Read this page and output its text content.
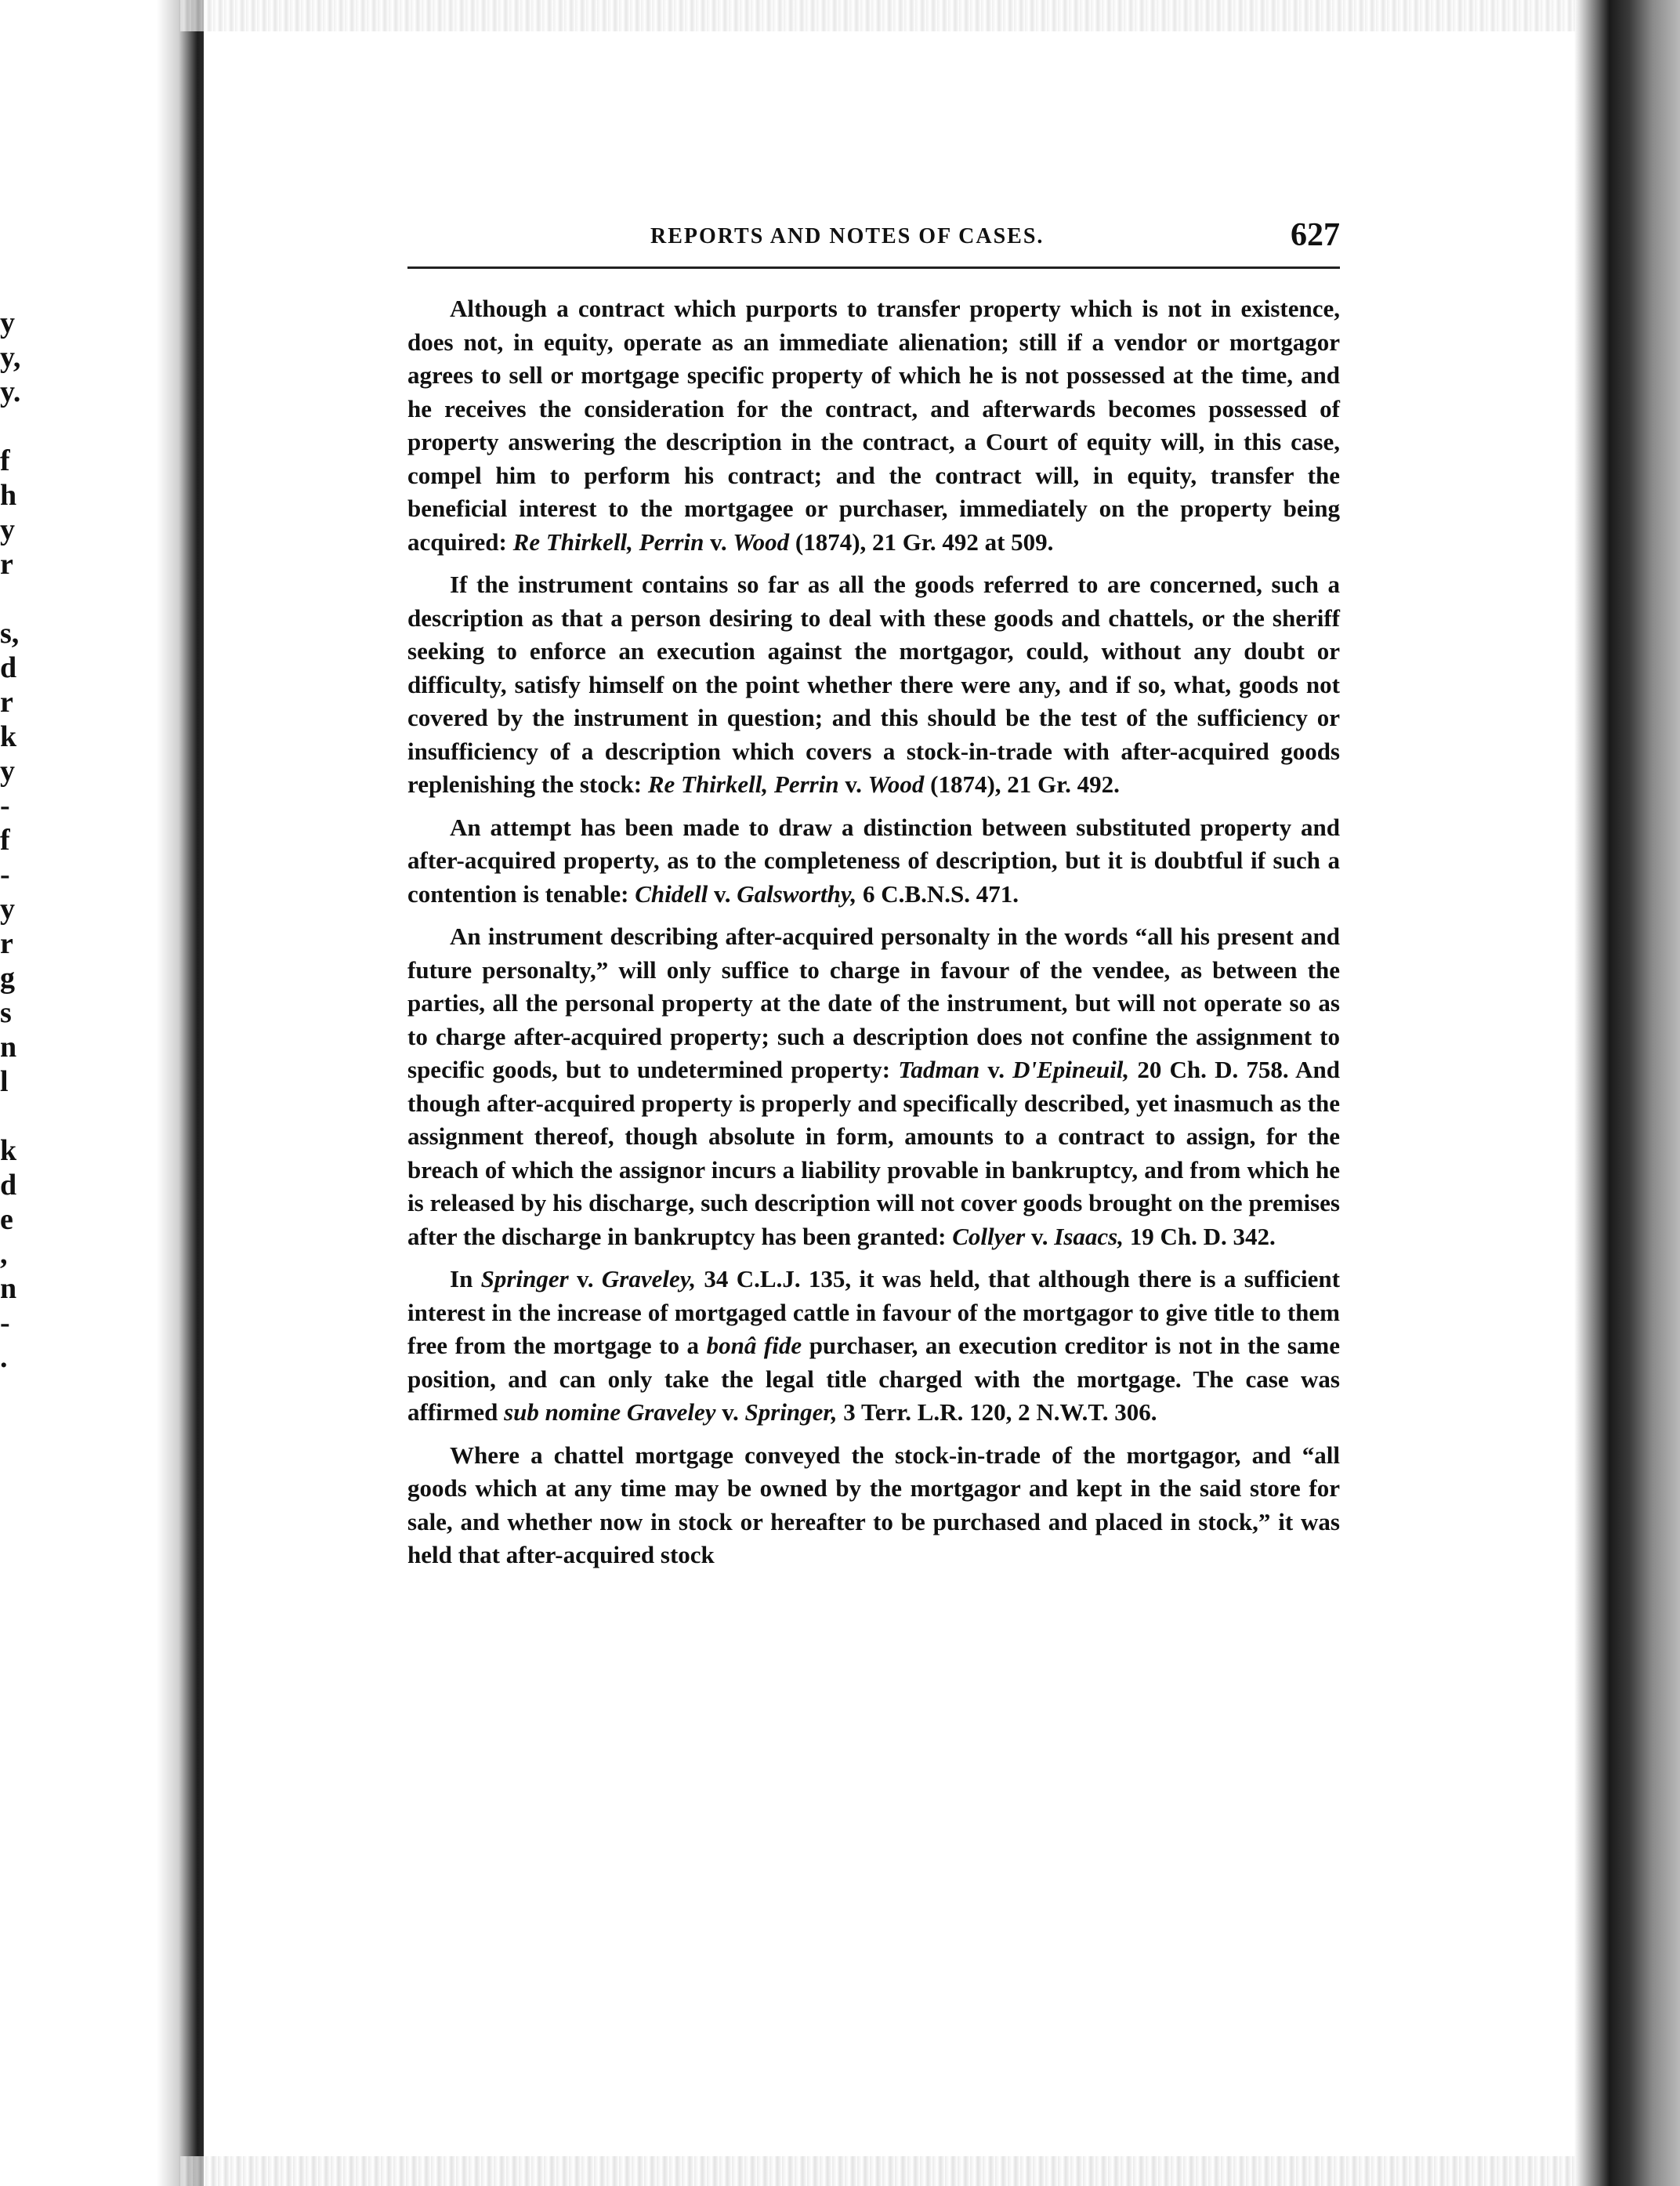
y
y,
y.
f
h
y
r
s,
d
r
k
y
-
f
-
y
r
g
s
n
l
k
d
e
,
n
-
.
REPORTS AND NOTES OF CASES.	627

Although a contract which purports to transfer property which is not in existence, does not, in equity, operate as an immediate alienation; still if a vendor or mortgagor agrees to sell or mortgage specific property of which he is not possessed at the time, and he receives the consideration for the contract, and afterwards becomes possessed of property answering the description in the contract, a Court of equity will, in this case, compel him to perform his contract; and the contract will, in equity, transfer the beneficial interest to the mortgagee or purchaser, immediately on the property being acquired: Re Thirkell, Perrin v. Wood (1874), 21 Gr. 492 at 509.

If the instrument contains so far as all the goods referred to are concerned, such a description as that a person desiring to deal with these goods and chattels, or the sheriff seeking to enforce an execution against the mortgagor, could, without any doubt or difficulty, satisfy himself on the point whether there were any, and if so, what, goods not covered by the instrument in question; and this should be the test of the sufficiency or insufficiency of a description which covers a stock-in-trade with after-acquired goods replenishing the stock: Re Thirkell, Perrin v. Wood (1874), 21 Gr. 492.

An attempt has been made to draw a distinction between substituted property and after-acquired property, as to the completeness of description, but it is doubtful if such a contention is tenable: Chidell v. Galsworthy, 6 C.B.N.S. 471.

An instrument describing after-acquired personalty in the words “all his present and future personalty,” will only suffice to charge in favour of the vendee, as between the parties, all the personal property at the date of the instrument, but will not operate so as to charge after-acquired property; such a description does not confine the assignment to specific goods, but to undetermined property: Tadman v. D'Epineuil, 20 Ch. D. 758. And though after-acquired property is properly and specifically described, yet inasmuch as the assignment thereof, though absolute in form, amounts to a contract to assign, for the breach of which the assignor incurs a liability provable in bankruptcy, and from which he is released by his discharge, such description will not cover goods brought on the premises after the discharge in bankruptcy has been granted: Collyer v. Isaacs, 19 Ch. D. 342.

In Springer v. Graveley, 34 C.L.J. 135, it was held, that although there is a sufficient interest in the increase of mortgaged cattle in favour of the mortgagor to give title to them free from the mortgage to a bonâ fide purchaser, an execution creditor is not in the same position, and can only take the legal title charged with the mortgage. The case was affirmed sub nomine Graveley v. Springer, 3 Terr. L.R. 120, 2 N.W.T. 306.

Where a chattel mortgage conveyed the stock-in-trade of the mortgagor, and “all goods which at any time may be owned by the mortgagor and kept in the said store for sale, and whether now in stock or hereafter to be purchased and placed in stock,” it was held that after-acquired stock
